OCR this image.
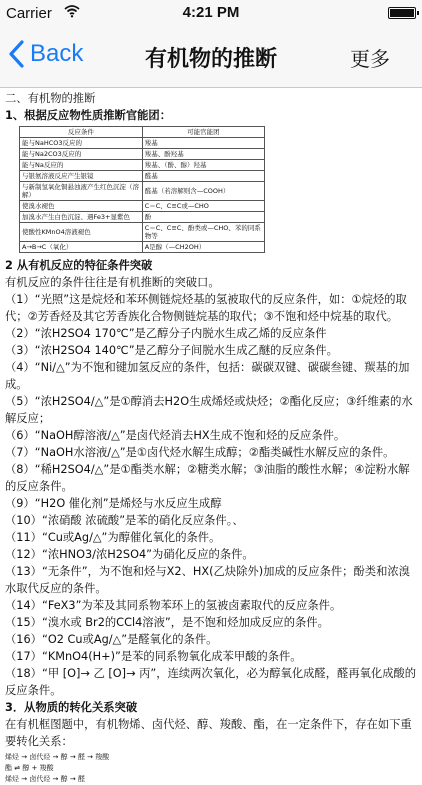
Carrier	4:21 PM
Back	有机物的推断	更多

二、有机物的推断

1、根据反应物性质推断官能团：

反应条件	可能官能团
能与NaHCO3反应的	羧基
能与Na2CO3反应的	羧基、酚羟基
能与Na反应的	羧基、（酚、醇）羟基
与银氨溶液反应产生银镜	醛基
与新制氢氧化铜悬浊液产生红色沉淀（溶解）	醛基（若溶解则含—COOH）
使溴水褪色	C＝C、C≡C或—CHO
加溴水产生白色沉淀、遇Fe3+显紫色	酚
使酸性KMnO4溶液褪色	C＝C、C≡C、酚类或—CHO、苯的同系物等
A→B→C（氧化）	A是醇（—CH2OH）

2 从有机反应的特征条件突破

有机反应的条件往往是有机推断的突破口。

（1）“光照”这是烷烃和苯环侧链烷烃基的氢被取代的反应条件，如：①烷烃的取代；②芳香烃及其它芳香族化合物侧链烷基的取代；③不饱和烃中烷基的取代。

（2）“浓H2SO4 170℃”是乙醇分子内脱水生成乙烯的反应条件

（3）“浓H2SO4 140℃”是乙醇分子间脱水生成乙醚的反应条件。

（4）“Ni/△”为不饱和键加氢反应的条件，包括：碳碳双键、碳碳叁键、羰基的加成。

（5）“浓H2SO4/△”是①醇消去H2O生成烯烃或炔烃；②酯化反应；③纤维素的水解反应；

（6）“NaOH醇溶液/△”是卤代烃消去HX生成不饱和烃的反应条件。

（7）“NaOH水溶液/△”是①卤代烃水解生成醇；②酯类碱性水解反应的条件。

（8）“稀H2SO4/△”是①酯类水解；②糖类水解；③油脂的酸性水解；④淀粉水解的反应条件。

（9）“H2O 催化剂”是烯烃与水反应生成醇

（10）“浓硝酸 浓硫酸”是苯的硝化反应条件。、

（11）“Cu或Ag/△”为醇催化氧化的条件。

（12）“浓HNO3/浓H2SO4”为硝化反应的条件。

（13）“无条件”，为不饱和烃与X2、HX(乙炔除外)加成的反应条件；酚类和浓溴水取代反应的条件。

（14）“FeX3”为苯及其同系物苯环上的氢被卤素取代的反应条件。

（15）“溴水或 Br2的CCl4溶液”，是不饱和烃加成反应的条件。

（16）“O2 Cu或Ag/△”是醛氧化的条件。

（17）“KMnO4(H+)”是苯的同系物氧化成苯甲酸的条件。

（18）“甲 [O]→ 乙 [O]→ 丙”，连续两次氧化，必为醇氧化成醛，醛再氧化成酸的反应条件。

3．从物质的转化关系突破

在有机框图题中，有机物烯、卤代烃、醇、羧酸、酯，在一定条件下，存在如下重要转化关系：

烯烃 → 卤代烃 → 醇 → 醛 → 羧酸
酯 ⇌ 醇 + 羧酸
烯烃 → 卤代烃 → 醇 → 醛
